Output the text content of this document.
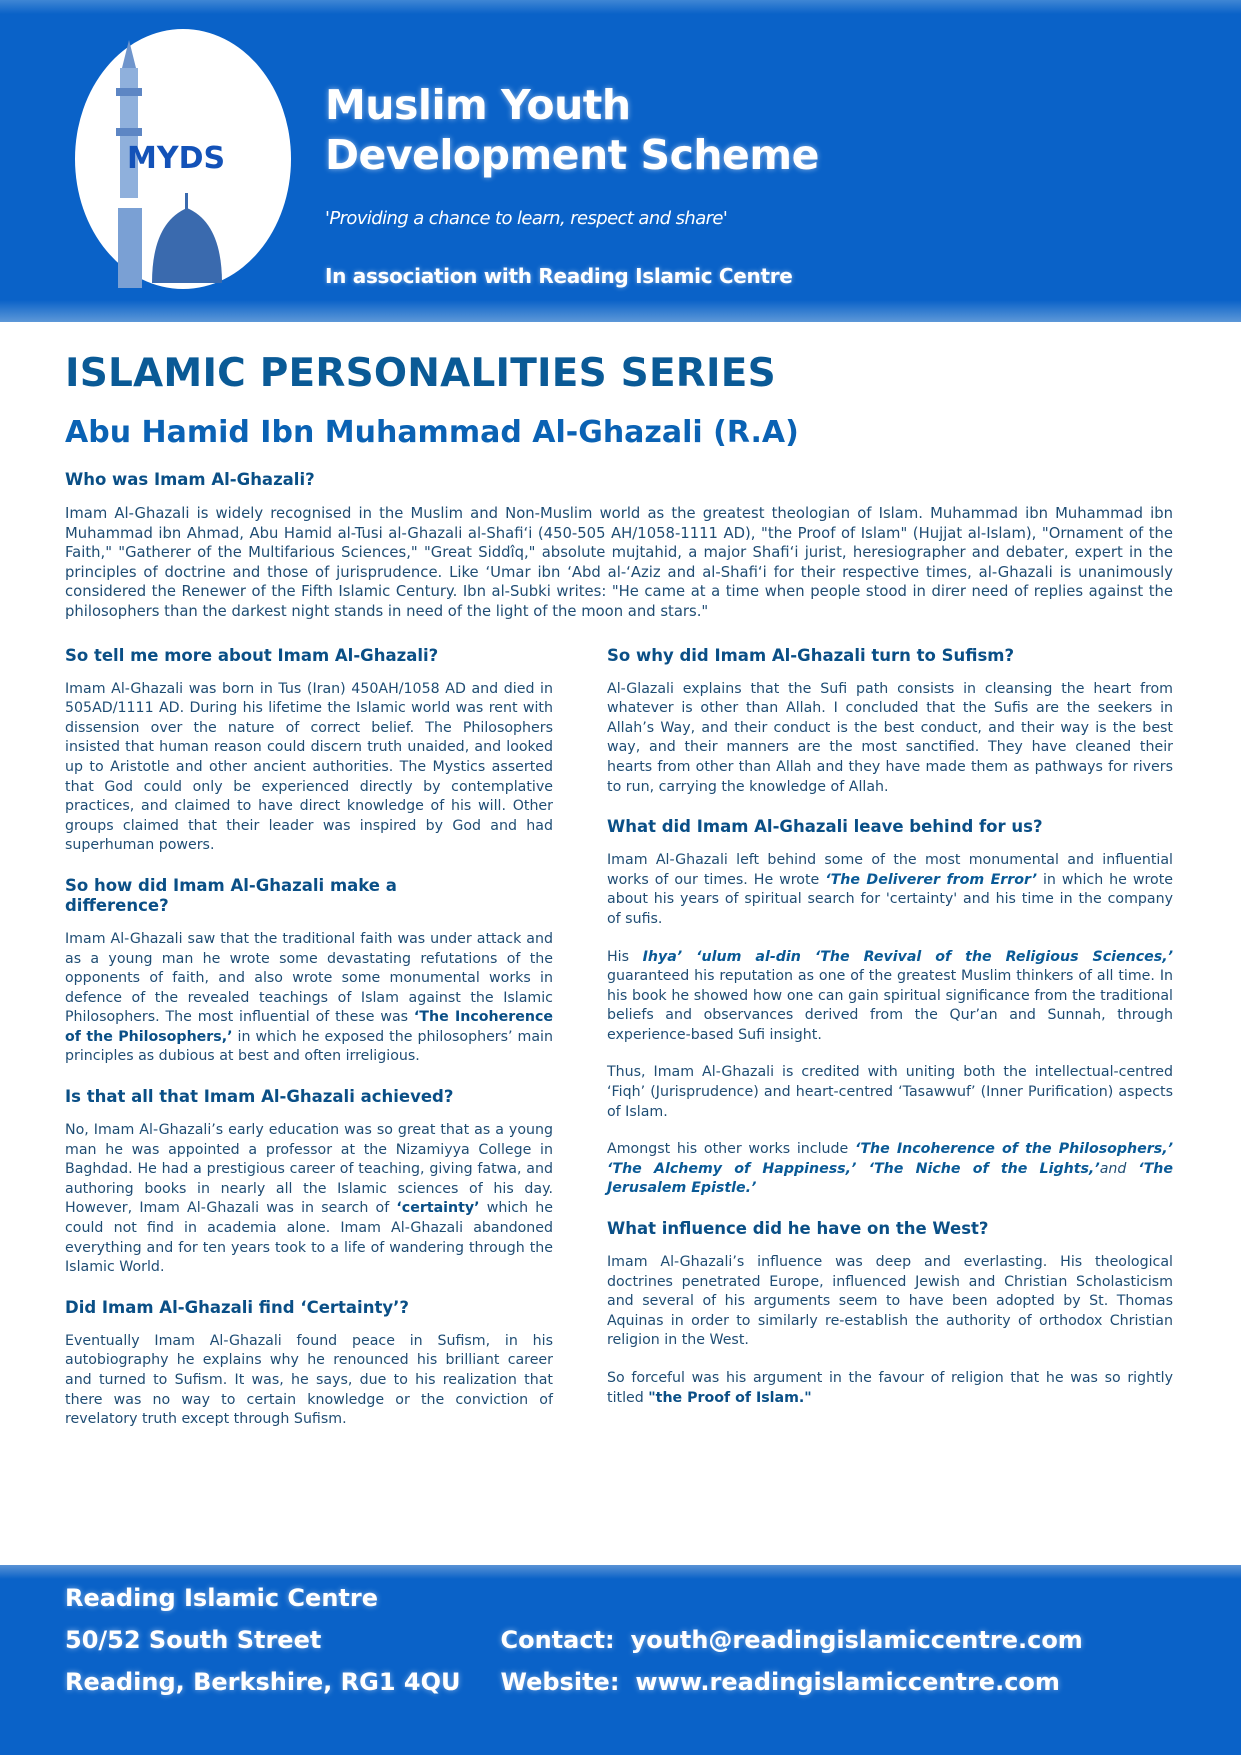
MYDS
Muslim Youth
Development Scheme
'Providing a chance to learn, respect and share'
In association with Reading Islamic Centre
ISLAMIC PERSONALITIES SERIES
Abu Hamid Ibn Muhammad Al-Ghazali (R.A)
Who was Imam Al-Ghazali?

Imam Al-Ghazali is widely recognised in the Muslim and Non-Muslim world as the greatest theologian of Islam. Muhammad ibn Muhammad ibn Muhammad ibn Ahmad, Abu Hamid al-Tusi al-Ghazali al-Shafi‘i (450-505 AH/1058-1111 AD), "the Proof of Islam" (Hujjat al-Islam), "Ornament of the Faith," "Gatherer of the Multifarious Sciences," "Great Siddîq," absolute mujtahid, a major Shafi‘i jurist, heresiographer and debater, expert in the principles of doctrine and those of jurisprudence. Like ‘Umar ibn ‘Abd al-‘Aziz and al-Shafi‘i for their respective times, al-Ghazali is unanimously considered the Renewer of the Fifth Islamic Century. Ibn al-Subki writes: "He came at a time when people stood in direr need of replies against the philosophers than the darkest night stands in need of the light of the moon and stars."

So tell me more about Imam Al-Ghazali?

Imam Al-Ghazali was born in Tus (Iran) 450AH/1058 AD and died in 505AD/1111 AD. During his lifetime the Islamic world was rent with dissension over the nature of correct belief. The Philosophers insisted that human reason could discern truth unaided, and looked up to Aristotle and other ancient authorities. The Mystics asserted that God could only be experienced directly by contemplative practices, and claimed to have direct knowledge of his will. Other groups claimed that their leader was inspired by God and had superhuman powers.

So how did Imam Al-Ghazali make a difference?

Imam Al-Ghazali saw that the traditional faith was under attack and as a young man he wrote some devastating refutations of the opponents of faith, and also wrote some monumental works in defence of the revealed teachings of Islam against the Islamic Philosophers. The most influential of these was ‘The Incoherence of the Philosophers,’ in which he exposed the philosophers’ main principles as dubious at best and often irreligious.

Is that all that Imam Al-Ghazali achieved?

No, Imam Al-Ghazali’s early education was so great that as a young man he was appointed a professor at the Nizamiyya College in Baghdad. He had a prestigious career of teaching, giving fatwa, and authoring books in nearly all the Islamic sciences of his day. However, Imam Al-Ghazali was in search of ‘certainty’ which he could not find in academia alone. Imam Al-Ghazali abandoned everything and for ten years took to a life of wandering through the Islamic World.

Did Imam Al-Ghazali find ‘Certainty’?

Eventually Imam Al-Ghazali found peace in Sufism, in his autobiography he explains why he renounced his brilliant career and turned to Sufism. It was, he says, due to his realization that there was no way to certain knowledge or the conviction of revelatory truth except through Sufism.

So why did Imam Al-Ghazali turn to Sufism?

Al-Glazali explains that the Sufi path consists in cleansing the heart from whatever is other than Allah. I concluded that the Sufis are the seekers in Allah’s Way, and their conduct is the best conduct, and their way is the best way, and their manners are the most sanctified. They have cleaned their hearts from other than Allah and they have made them as pathways for rivers to run, carrying the knowledge of Allah.

What did Imam Al-Ghazali leave behind for us?

Imam Al-Ghazali left behind some of the most monumental and influential works of our times. He wrote ‘The Deliverer from Error’ in which he wrote about his years of spiritual search for 'certainty' and his time in the company of sufis.

His Ihya’ ‘ulum al-din ‘The Revival of the Religious Sciences,’ guaranteed his reputation as one of the greatest Muslim thinkers of all time. In his book he showed how one can gain spiritual significance from the traditional beliefs and observances derived from the Qur’an and Sunnah, through experience-based Sufi insight.

Thus, Imam Al-Ghazali is credited with uniting both the intellectual-centred ‘Fiqh’ (Jurisprudence) and heart-centred ‘Tasawwuf’ (Inner Purification) aspects of Islam.

Amongst his other works include ‘The Incoherence of the Philosophers,’ ‘The Alchemy of Happiness,’ ‘The Niche of the Lights,’and ‘The Jerusalem Epistle.’

What influence did he have on the West?

Imam Al-Ghazali’s influence was deep and everlasting. His theological doctrines penetrated Europe, influenced Jewish and Christian Scholasticism and several of his arguments seem to have been adopted by St. Thomas Aquinas in order to similarly re-establish the authority of orthodox Christian religion in the West.

So forceful was his argument in the favour of religion that he was so rightly titled "the Proof of Islam."

Reading Islamic Centre
50/52 South Street
Reading, Berkshire, RG1 4QU
Contact: youth@readingislamiccentre.com
Website: www.readingislamiccentre.com
